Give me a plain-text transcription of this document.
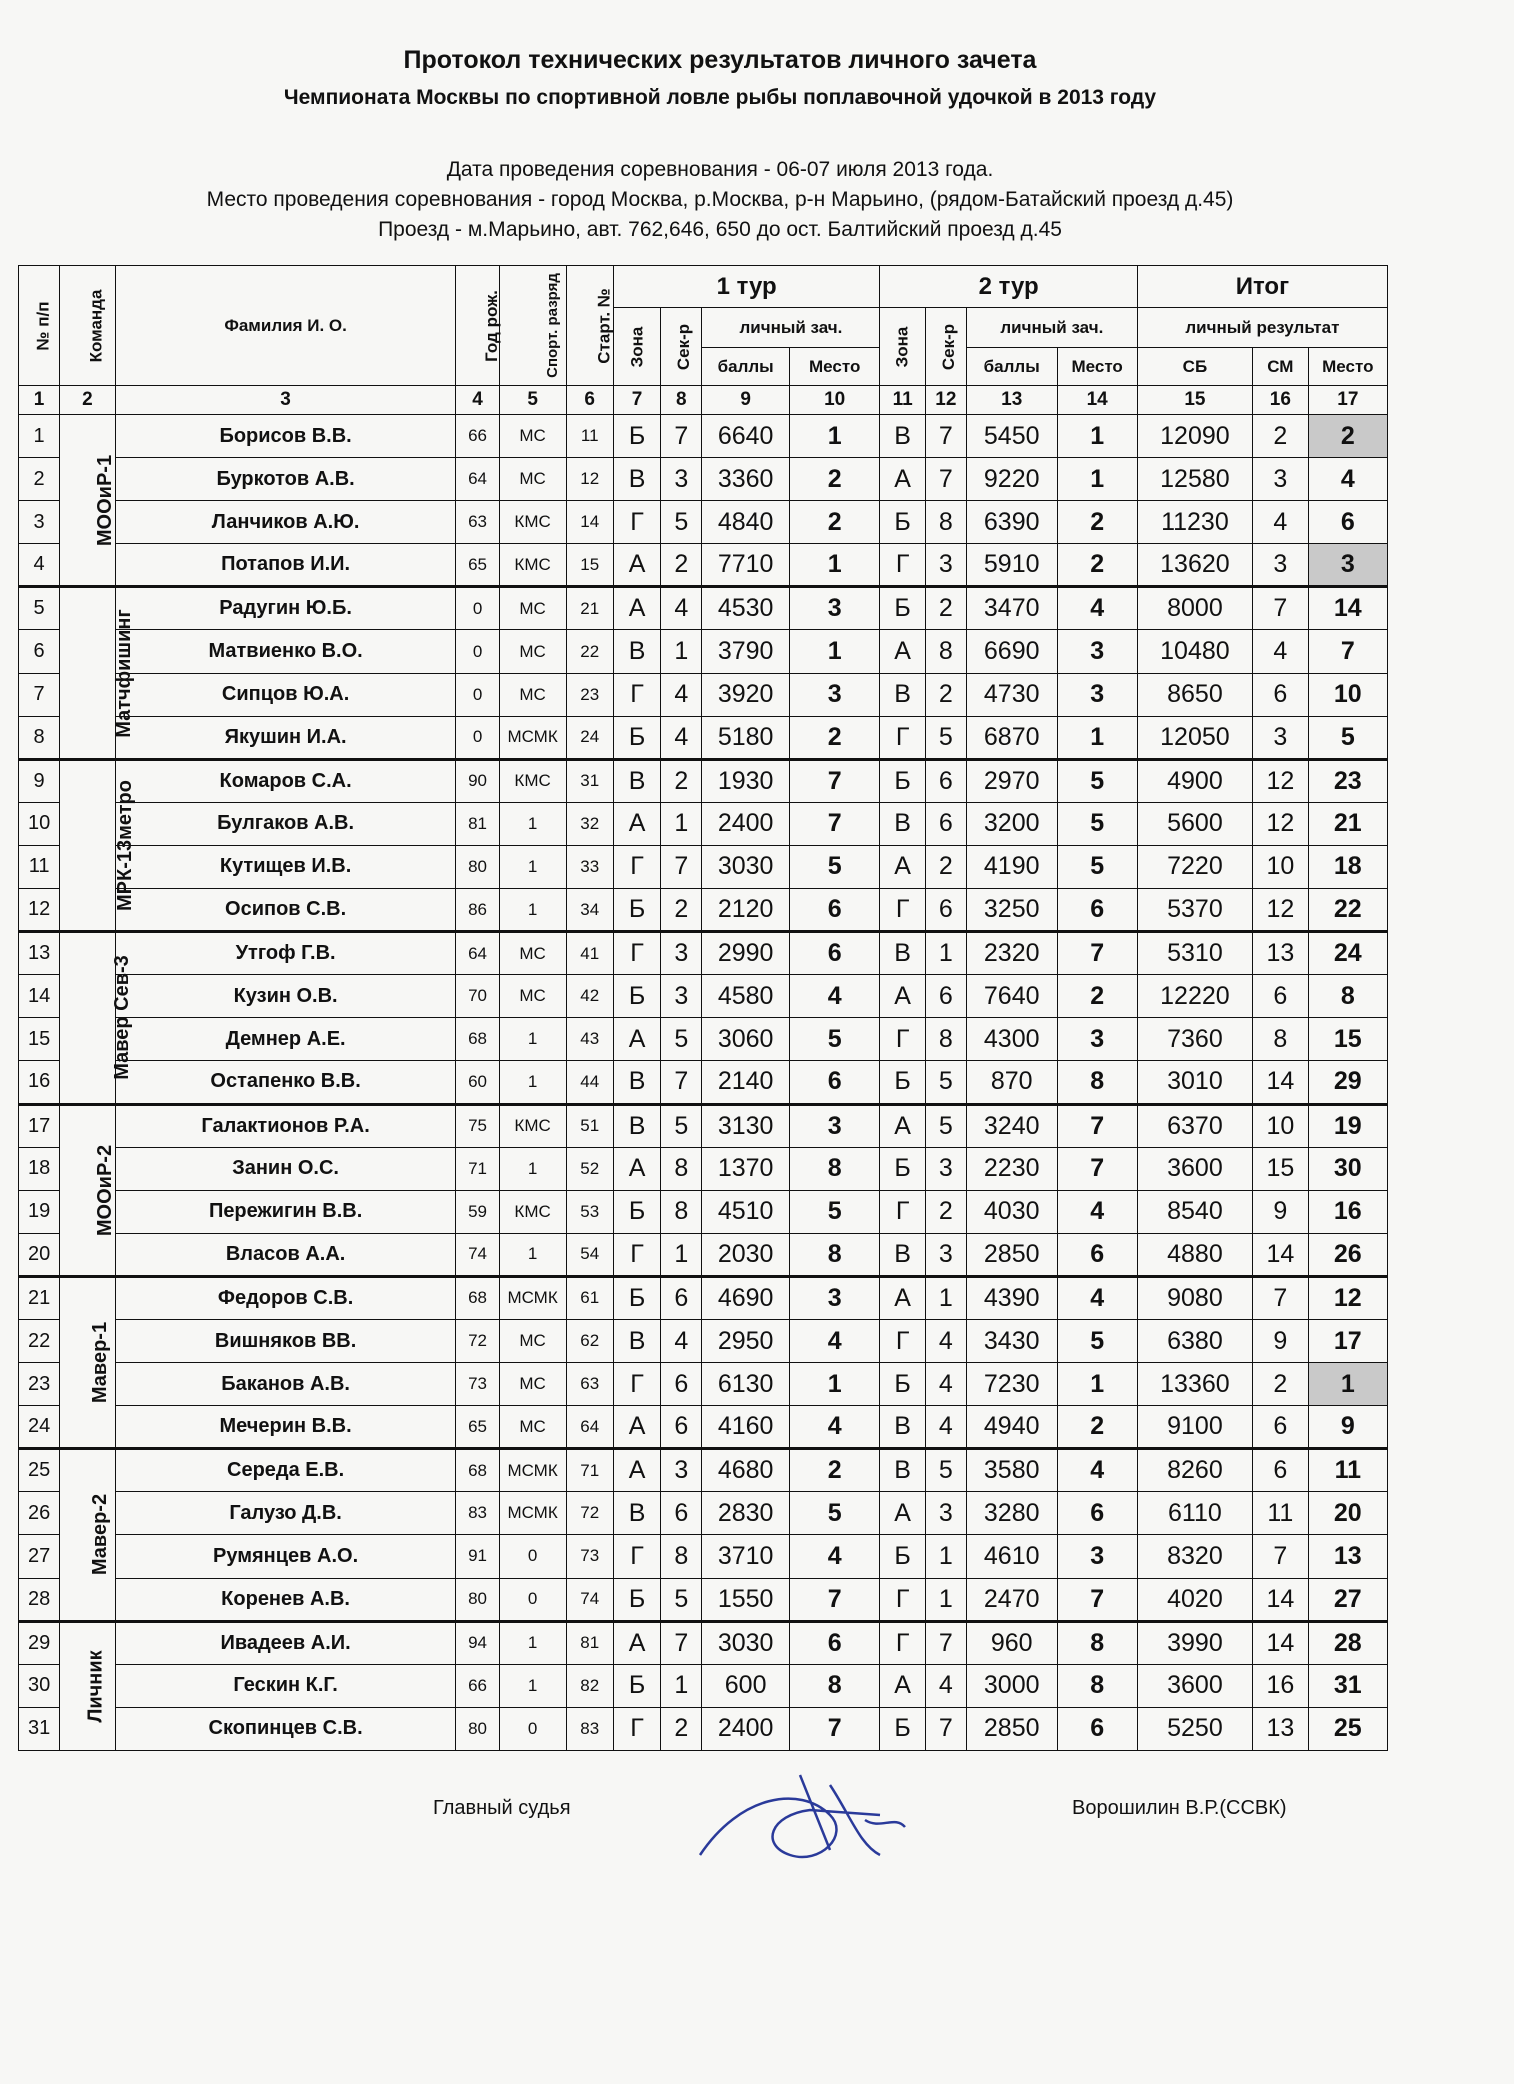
Протокол технических результатов личного зачета
Чемпионата Москвы по спортивной ловле рыбы поплавочной удочкой в 2013 году
Дата проведения соревнования - 06-07 июля 2013 года.
Место проведения соревнования - город Москва, р.Москва, р-н Марьино, (рядом-Батайский проезд д.45)
Проезд - м.Марьино, авт. 762,646, 650 до ост. Балтийский проезд д.45
№ п/п	Команда	Фамилия И. О.	Год рож.	Спорт. разряд	Старт. №	1 тур				2 тур				Итог		
						Зона	Сек-р	личный зач.		Зона	Сек-р	личный зач.		личный результат		
								баллы	Место			баллы	Место	СБ	СМ	Место
1	2	3	4	5	6	7	8	9	10	11	12	13	14	15	16	17
1	МООиР-1	Борисов В.В.	66	МС	11	Б	7	6640	1	В	7	5450	1	12090	2	2
2		Буркотов А.В.	64	МС	12	В	3	3360	2	А	7	9220	1	12580	3	4
3		Ланчиков А.Ю.	63	КМС	14	Г	5	4840	2	Б	8	6390	2	11230	4	6
4		Потапов И.И.	65	КМС	15	А	2	7710	1	Г	3	5910	2	13620	3	3
5	Матчфишинг	Радугин Ю.Б.	0	МС	21	А	4	4530	3	Б	2	3470	4	8000	7	14
6		Матвиенко В.О.	0	МС	22	В	1	3790	1	А	8	6690	3	10480	4	7
7		Сипцов Ю.А.	0	МС	23	Г	4	3920	3	В	2	4730	3	8650	6	10
8		Якушин И.А.	0	МСМК	24	Б	4	5180	2	Г	5	6870	1	12050	3	5
9	МРК-13метро	Комаров С.А.	90	КМС	31	В	2	1930	7	Б	6	2970	5	4900	12	23
10		Булгаков А.В.	81	1	32	А	1	2400	7	В	6	3200	5	5600	12	21
11		Кутищев И.В.	80	1	33	Г	7	3030	5	А	2	4190	5	7220	10	18
12		Осипов С.В.	86	1	34	Б	2	2120	6	Г	6	3250	6	5370	12	22
13	Мавер Сев-3	Утгоф Г.В.	64	МС	41	Г	3	2990	6	В	1	2320	7	5310	13	24
14		Кузин О.В.	70	МС	42	Б	3	4580	4	А	6	7640	2	12220	6	8
15		Демнер А.Е.	68	1	43	А	5	3060	5	Г	8	4300	3	7360	8	15
16		Остапенко В.В.	60	1	44	В	7	2140	6	Б	5	870	8	3010	14	29
17	МООиР-2	Галактионов Р.А.	75	КМС	51	В	5	3130	3	А	5	3240	7	6370	10	19
18		Занин О.С.	71	1	52	А	8	1370	8	Б	3	2230	7	3600	15	30
19		Пережигин В.В.	59	КМС	53	Б	8	4510	5	Г	2	4030	4	8540	9	16
20		Власов А.А.	74	1	54	Г	1	2030	8	В	3	2850	6	4880	14	26
21	Мавер-1	Федоров С.В.	68	МСМК	61	Б	6	4690	3	А	1	4390	4	9080	7	12
22		Вишняков ВВ.	72	МС	62	В	4	2950	4	Г	4	3430	5	6380	9	17
23		Баканов А.В.	73	МС	63	Г	6	6130	1	Б	4	7230	1	13360	2	1
24		Мечерин В.В.	65	МС	64	А	6	4160	4	В	4	4940	2	9100	6	9
25	Мавер-2	Середа Е.В.	68	МСМК	71	А	3	4680	2	В	5	3580	4	8260	6	11
26		Галузо Д.В.	83	МСМК	72	В	6	2830	5	А	3	3280	6	6110	11	20
27		Румянцев А.О.	91	0	73	Г	8	3710	4	Б	1	4610	3	8320	7	13
28		Коренев А.В.	80	0	74	Б	5	1550	7	Г	1	2470	7	4020	14	27
29	Личник	Ивадеев А.И.	94	1	81	А	7	3030	6	Г	7	960	8	3990	14	28
30		Гескин К.Г.	66	1	82	Б	1	600	8	А	4	3000	8	3600	16	31
31		Скопинцев С.В.	80	0	83	Г	2	2400	7	Б	7	2850	6	5250	13	25
Главный судья	Ворошилин В.Р.(ССВК)
